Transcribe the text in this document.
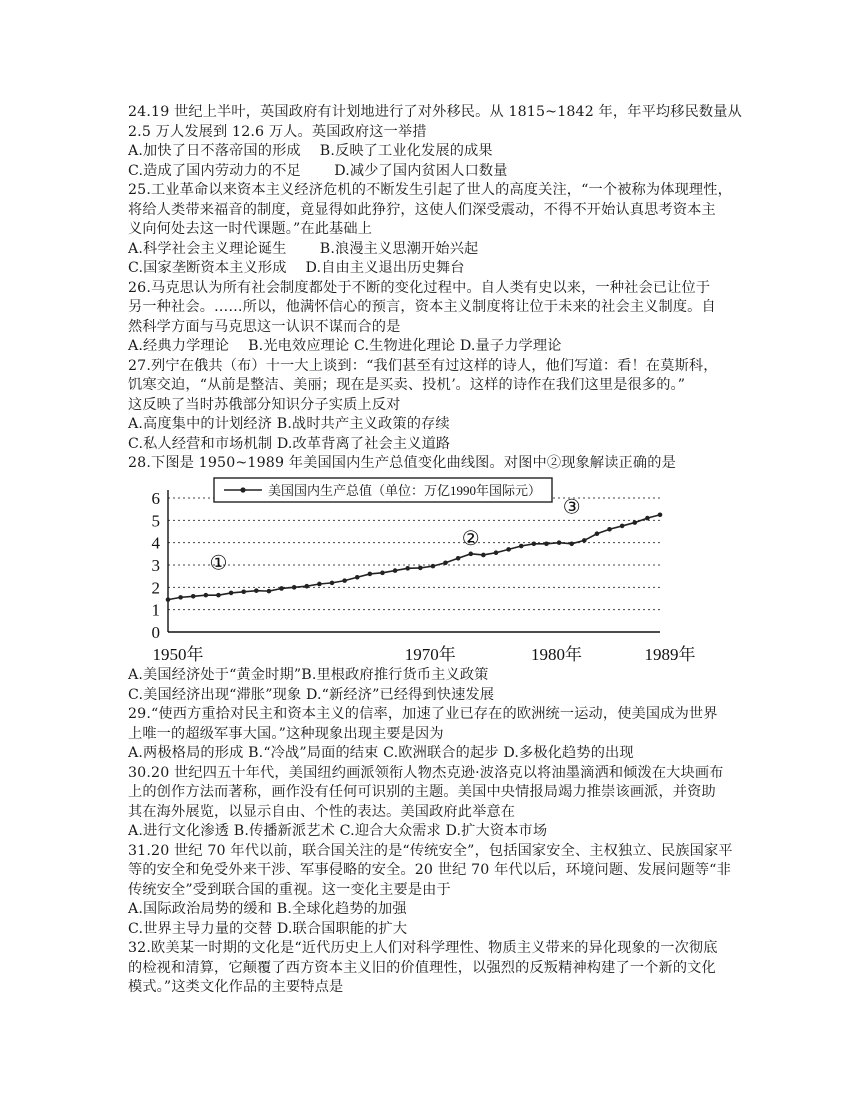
24.19 世纪上半叶，英国政府有计划地进行了对外移民。从 1815~1842 年，年平均移民数量从
2.5 万人发展到 12.6 万人。英国政府这一举措
A.加快了日不落帝国的形成　 B.反映了工业化发展的成果
C.造成了国内劳动力的不足　　 D.减少了国内贫困人口数量
25.工业革命以来资本主义经济危机的不断发生引起了世人的高度关注，“一个被称为体现理性，
将给人类带来福音的制度，竟显得如此狰狞，这使人们深受震动，不得不开始认真思考资本主
义向何处去这一时代课题。”在此基础上
A.科学社会主义理论诞生　　 B.浪漫主义思潮开始兴起
C.国家垄断资本主义形成　 D.自由主义退出历史舞台
26.马克思认为所有社会制度都处于不断的变化过程中。自人类有史以来，一种社会已让位于
另一种社会。……所以，他满怀信心的预言，资本主义制度将让位于未来的社会主义制度。自
然科学方面与马克思这一认识不谋而合的是
A.经典力学理论　 B.光电效应理论 C.生物进化理论 D.量子力学理论
27.列宁在俄共（布）十一大上谈到：“我们甚至有过这样的诗人，他们写道：看！在莫斯科，
饥寒交迫，“从前是整洁、美丽；现在是买卖、投机ʼ。这样的诗作在我们这里是很多的。”
这反映了当时苏俄部分知识分子实质上反对
A.高度集中的计划经济 B.战时共产主义政策的存续
C.私人经营和市场机制 D.改革背离了社会主义道路
28.下图是 1950~1989 年美国国内生产总值变化曲线图。对图中②现象解读正确的是
0
1
2
3
4
5
6
1950年	1970年	1980年	1989年
美国国内生产总值（单位：万亿1990年国际元）
①
②
③
A.美国经济处于“黄金时期”B.里根政府推行货币主义政策
C.美国经济出现“滞胀”现象 D.“新经济”已经得到快速发展
29.“使西方重拾对民主和资本主义的信率，加速了业已存在的欧洲统一运动，使美国成为世界
上唯一的超级军事大国。”这种现象出现主要是因为
A.两极格局的形成 B.“冷战”局面的结束 C.欧洲联合的起步 D.多极化趋势的出现
30.20 世纪四五十年代，美国纽约画派领衔人物杰克逊·波洛克以将油墨滴洒和倾泼在大块画布
上的创作方法而著称，画作没有任何可识别的主题。美国中央情报局竭力推崇该画派，并资助
其在海外展览，以显示自由、个性的表达。美国政府此举意在
A.进行文化渗透 B.传播新派艺术 C.迎合大众需求 D.扩大资本市场
31.20 世纪 70 年代以前，联合国关注的是“传统安全”，包括国家安全、主权独立、民族国家平
等的安全和免受外来干涉、军事侵略的安全。20 世纪 70 年代以后，环境问题、发展问题等“非
传统安全”受到联合国的重视。这一变化主要是由于
A.国际政治局势的缓和 B.全球化趋势的加强
C.世界主导力量的交替 D.联合国职能的扩大
32.欧美某一时期的文化是“近代历史上人们对科学理性、物质主义带来的异化现象的一次彻底
的检视和清算，它颠覆了西方资本主义旧的价值理性，以强烈的反叛精神构建了一个新的文化
模式。”这类文化作品的主要特点是
